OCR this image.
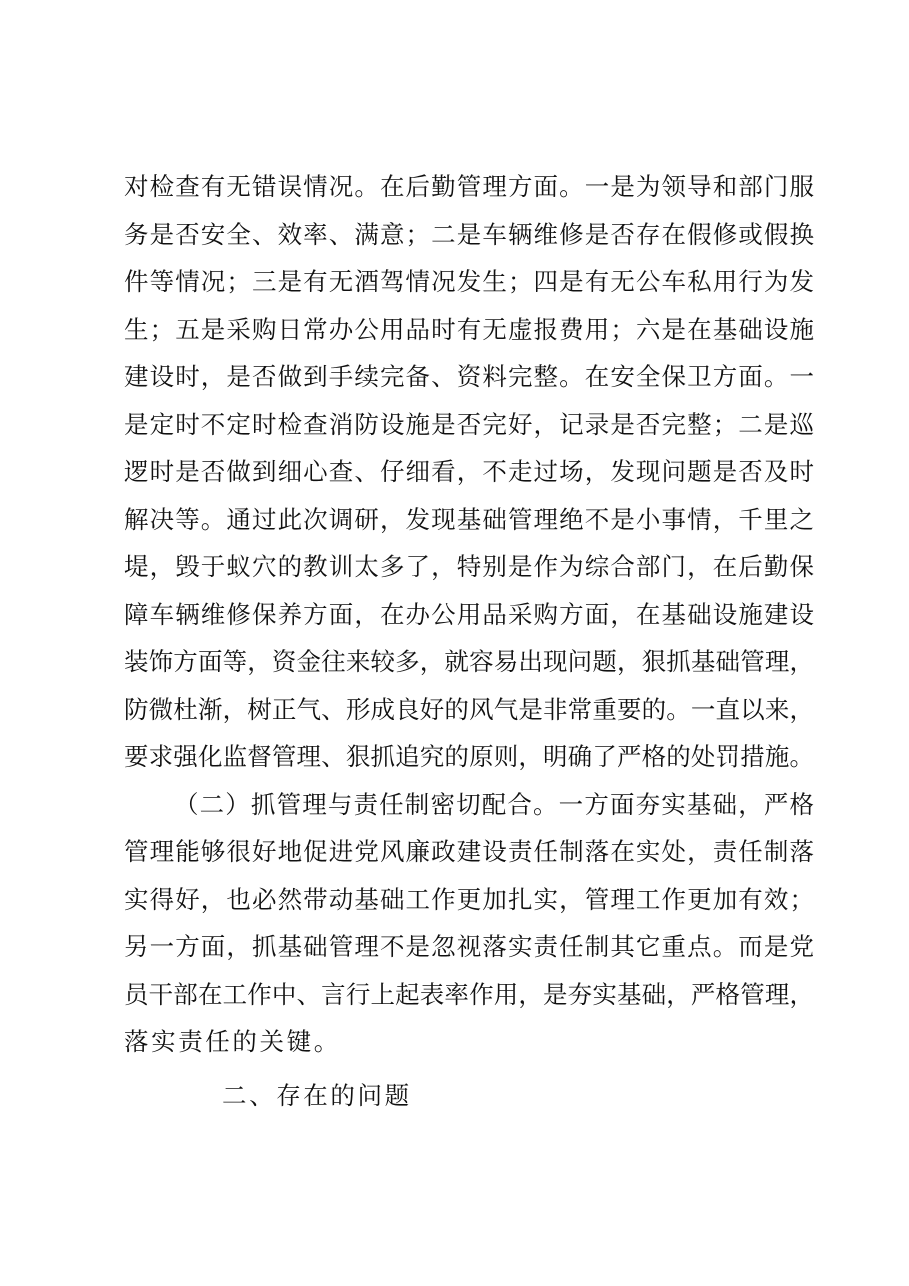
对检查有无错误情况。在后勤管理方面。一是为领导和部门服
务是否安全、效率、满意；二是车辆维修是否存在假修或假换
件等情况；三是有无酒驾情况发生；四是有无公车私用行为发
生；五是采购日常办公用品时有无虚报费用；六是在基础设施
建设时，是否做到手续完备、资料完整。在安全保卫方面。一
是定时不定时检查消防设施是否完好，记录是否完整；二是巡
逻时是否做到细心查、仔细看，不走过场，发现问题是否及时
解决等。通过此次调研，发现基础管理绝不是小事情，千里之
堤，毁于蚁穴的教训太多了，特别是作为综合部门，在后勤保
障车辆维修保养方面，在办公用品采购方面，在基础设施建设
装饰方面等，资金往来较多，就容易出现问题，狠抓基础管理，
防微杜渐，树正气、形成良好的风气是非常重要的。一直以来，
要求强化监督管理、狠抓追究的原则，明确了严格的处罚措施。
（二）抓管理与责任制密切配合。一方面夯实基础，严格
管理能够很好地促进党风廉政建设责任制落在实处，责任制落
实得好，也必然带动基础工作更加扎实，管理工作更加有效；
另一方面，抓基础管理不是忽视落实责任制其它重点。而是党
员干部在工作中、言行上起表率作用，是夯实基础，严格管理，
落实责任的关键。
二、存在的问题
